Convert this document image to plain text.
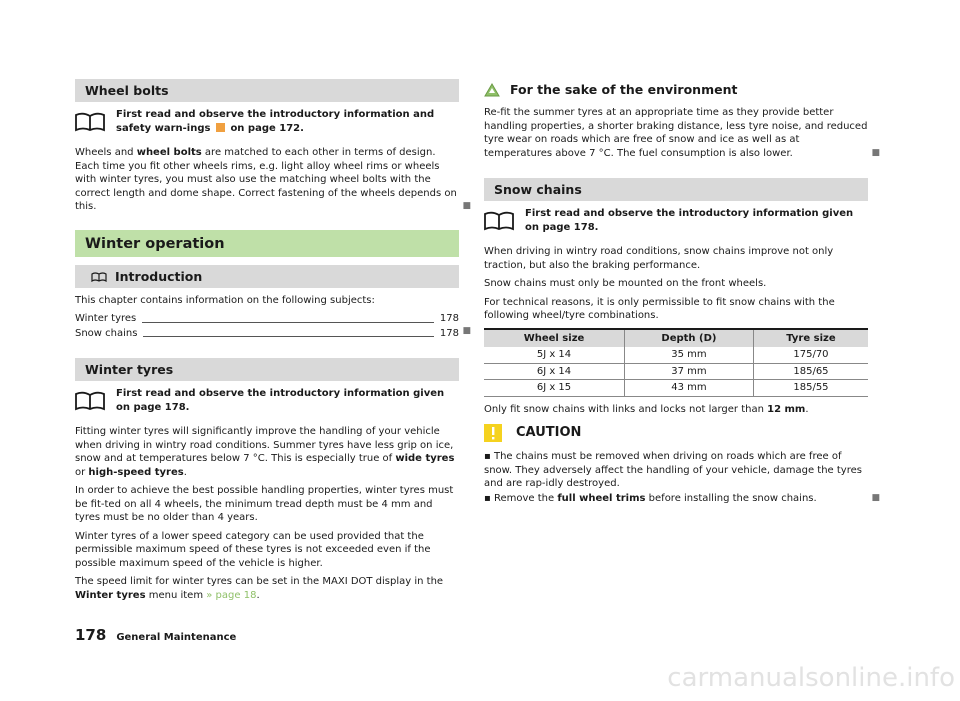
Wheel bolts
First read and observe the introductory information and safety warn-ings on page 172.

Wheels and wheel bolts are matched to each other in terms of design. Each time you fit other wheels rims, e.g. light alloy wheel rims or wheels with winter tyres, you must also use the matching wheel bolts with the correct length and dome shape. Correct fastening of the wheels depends on this.	■

Winter operation
Introduction

This chapter contains information on the following subjects:

Winter tyres	178
Snow chains	178 ■
Winter tyres
First read and observe the introductory information given on page 178.

Fitting winter tyres will significantly improve the handling of your vehicle when driving in wintry road conditions. Summer tyres have less grip on ice, snow and at temperatures below 7 °C. This is especially true of wide tyres or high-speed tyres.

In order to achieve the best possible handling properties, winter tyres must be fit-ted on all 4 wheels, the minimum tread depth must be 4 mm and tyres must be no older than 4 years.

Winter tyres of a lower speed category can be used provided that the permissible maximum speed of these tyres is not exceeded even if the possible maximum speed of the vehicle is higher.

The speed limit for winter tyres can be set in the MAXI DOT display in the Winter tyres menu item » page 18.

For the sake of the environment

Re-fit the summer tyres at an appropriate time as they provide better handling properties, a shorter braking distance, less tyre noise, and reduced tyre wear on roads which are free of snow and ice as well as at temperatures above 7 °C. The fuel consumption is also lower.	■

Snow chains
First read and observe the introductory information given on page 178.

When driving in wintry road conditions, snow chains improve not only traction, but also the braking performance.

Snow chains must only be mounted on the front wheels.

For technical reasons, it is only permissible to fit snow chains with the following wheel/tyre combinations.

Wheel size	Depth (D)	Tyre size
5J x 14	35 mm	175/70
6J x 14	37 mm	185/65
6J x 15	43 mm	185/55

Only fit snow chains with links and locks not larger than 12 mm.

CAUTION

▪ The chains must be removed when driving on roads which are free of snow. They adversely affect the handling of your vehicle, damage the tyres and are rap-idly destroyed.

▪ Remove the full wheel trims before installing the snow chains.	■

178 General Maintenance
carmanualsonline.info
